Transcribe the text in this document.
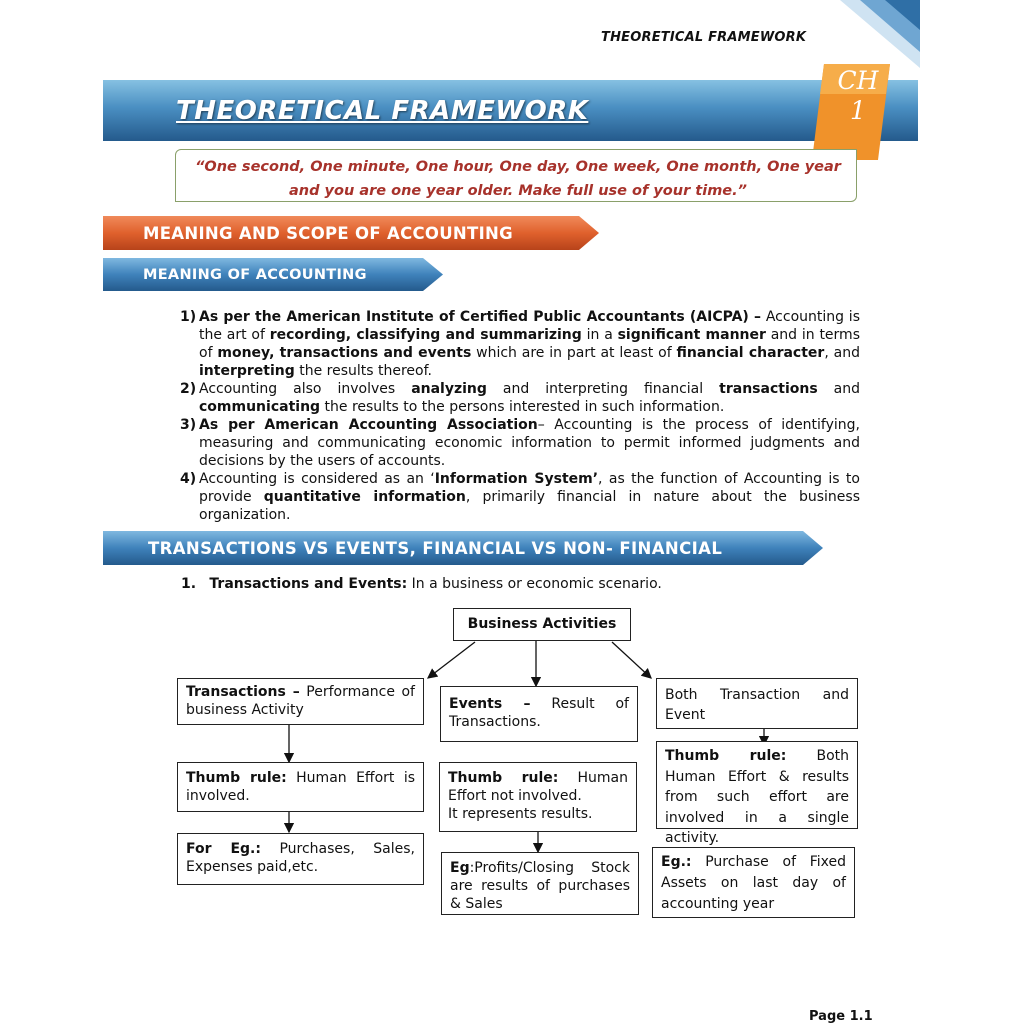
THEORETICAL FRAMEWORK
THEORETICAL FRAMEWORK
CH
1
“One second, One minute, One hour, One day, One week, One month, One year
and you are one year older. Make full use of your time.”
MEANING AND SCOPE OF ACCOUNTING
MEANING OF ACCOUNTING
TRANSACTIONS VS EVENTS, FINANCIAL VS NON- FINANCIAL
1) As per the American Institute of Certified Public Accountants (AICPA) – Accounting is the art of recording, classifying and summarizing in a significant manner and in terms of money, transactions and events which are in part at least of financial character, and interpreting the results thereof.

2) Accounting also involves analyzing and interpreting financial transactions and communicating the results to the persons interested in such information.

3) As per American Accounting Association– Accounting is the process of identifying, measuring and communicating economic information to permit informed judgments and decisions by the users of accounts.

4) Accounting is considered as an ‘Information System’, as the function of Accounting is to provide quantitative information, primarily financial in nature about the business organization.

1. Transactions and Events: In a business or economic scenario.
Business Activities
Transactions – Performance of business Activity
Thumb rule: Human Effort is involved.
For Eg.: Purchases, Sales, Expenses paid,etc.
Events – Result of Transactions.
Thumb rule: Human Effort not involved.
It represents results.
Eg:Profits/Closing Stock are results of purchases & Sales
Both Transaction and Event
Thumb rule: Both Human Effort & results from such effort are involved in a single activity.
Eg.: Purchase of Fixed Assets on last day of accounting year
Page 1.1
